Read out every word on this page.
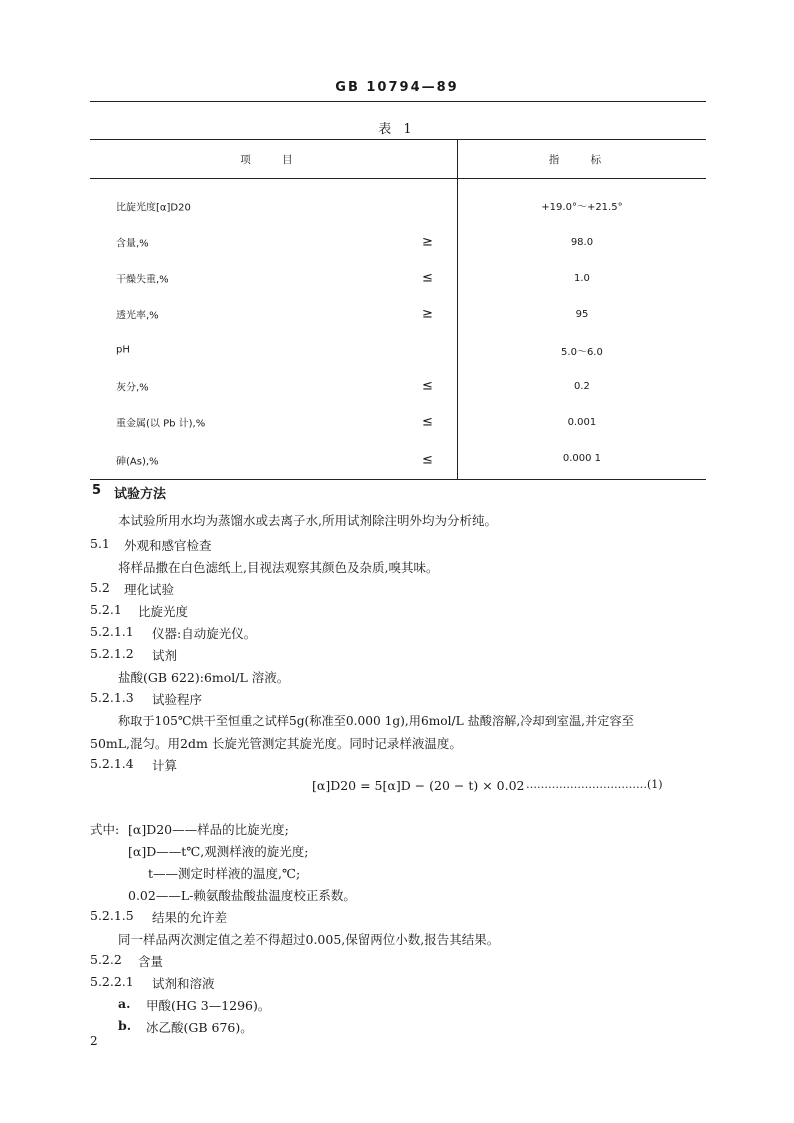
GB 10794—89
表 1
项 目	指 标

比旋光度[α]D20	+19.0°～+21.5°

含量,% ≥	98.0

干燥失重,% ≤	1.0

透光率,% ≥	95

pH	5.0～6.0

灰分,% ≤	0.2

重金属(以 Pb 计),% ≤	0.001

砷(As),% ≤	0.000 1
5 试验方法
本试验所用水均为蒸馏水或去离子水,所用试剂除注明外均为分析纯。
5.1 外观和感官检查
将样品撒在白色滤纸上,目视法观察其颜色及杂质,嗅其味。
5.2 理化试验
5.2.1 比旋光度
5.2.1.1 仪器:自动旋光仪。
5.2.1.2 试剂
盐酸(GB 622):6mol/L 溶液。
5.2.1.3 试验程序
称取于105℃烘干至恒重之试样5g(称准至0.000 1g),用6mol/L 盐酸溶解,冷却到室温,并定容至
50mL,混匀。用2dm 长旋光管测定其旋光度。同时记录样液温度。
5.2.1.4 计算
[α]D20 = 5[α]D − (20 − t) × 0.02 ……………………………(1)
式中: [α]D20——样品的比旋光度;
[α]D——t℃,观测样液的旋光度;
t——测定时样液的温度,℃;
0.02——L-赖氨酸盐酸盐温度校正系数。
5.2.1.5 结果的允许差
同一样品两次测定值之差不得超过0.005,保留两位小数,报告其结果。
5.2.2 含量
5.2.2.1 试剂和溶液
a. 甲酸(HG 3—1296)。
b. 冰乙酸(GB 676)。
2
